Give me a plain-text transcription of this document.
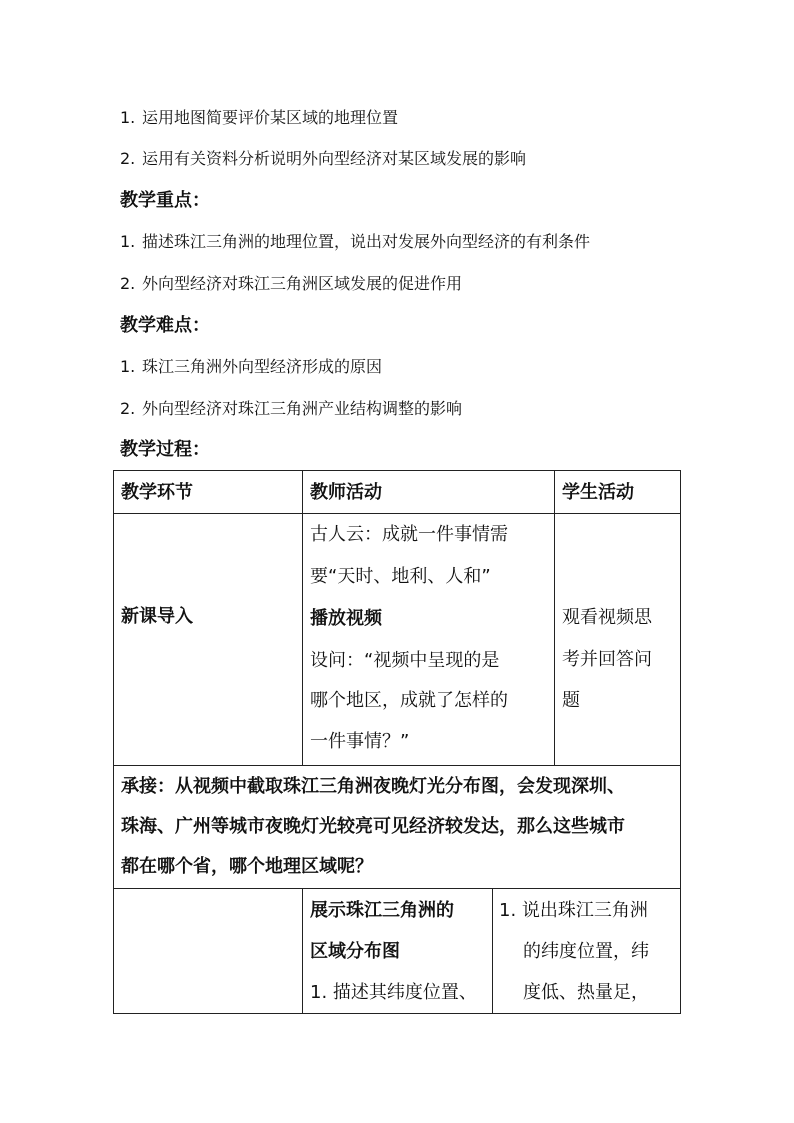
1. 运用地图简要评价某区域的地理位置
2. 运用有关资料分析说明外向型经济对某区域发展的影响
教学重点：
1. 描述珠江三角洲的地理位置，说出对发展外向型经济的有利条件
2. 外向型经济对珠江三角洲区域发展的促进作用
教学难点：
1. 珠江三角洲外向型经济形成的原因
2. 外向型经济对珠江三角洲产业结构调整的影响
教学过程：
教学环节	教师活动	学生活动
新课导入
古人云：成就一件事情需
要“天时、地利、人和”
播放视频
设问：“视频中呈现的是
哪个地区，成就了怎样的
一件事情？”
观看视频思
考并回答问
题
承接：从视频中截取珠江三角洲夜晚灯光分布图，会发现深圳、
珠海、广州等城市夜晚灯光较亮可见经济较发达，那么这些城市
都在哪个省，哪个地理区域呢？
展示珠江三角洲的
区域分布图
1. 描述其纬度位置、
1. 说出珠江三角洲
的纬度位置，纬
度低、热量足，
